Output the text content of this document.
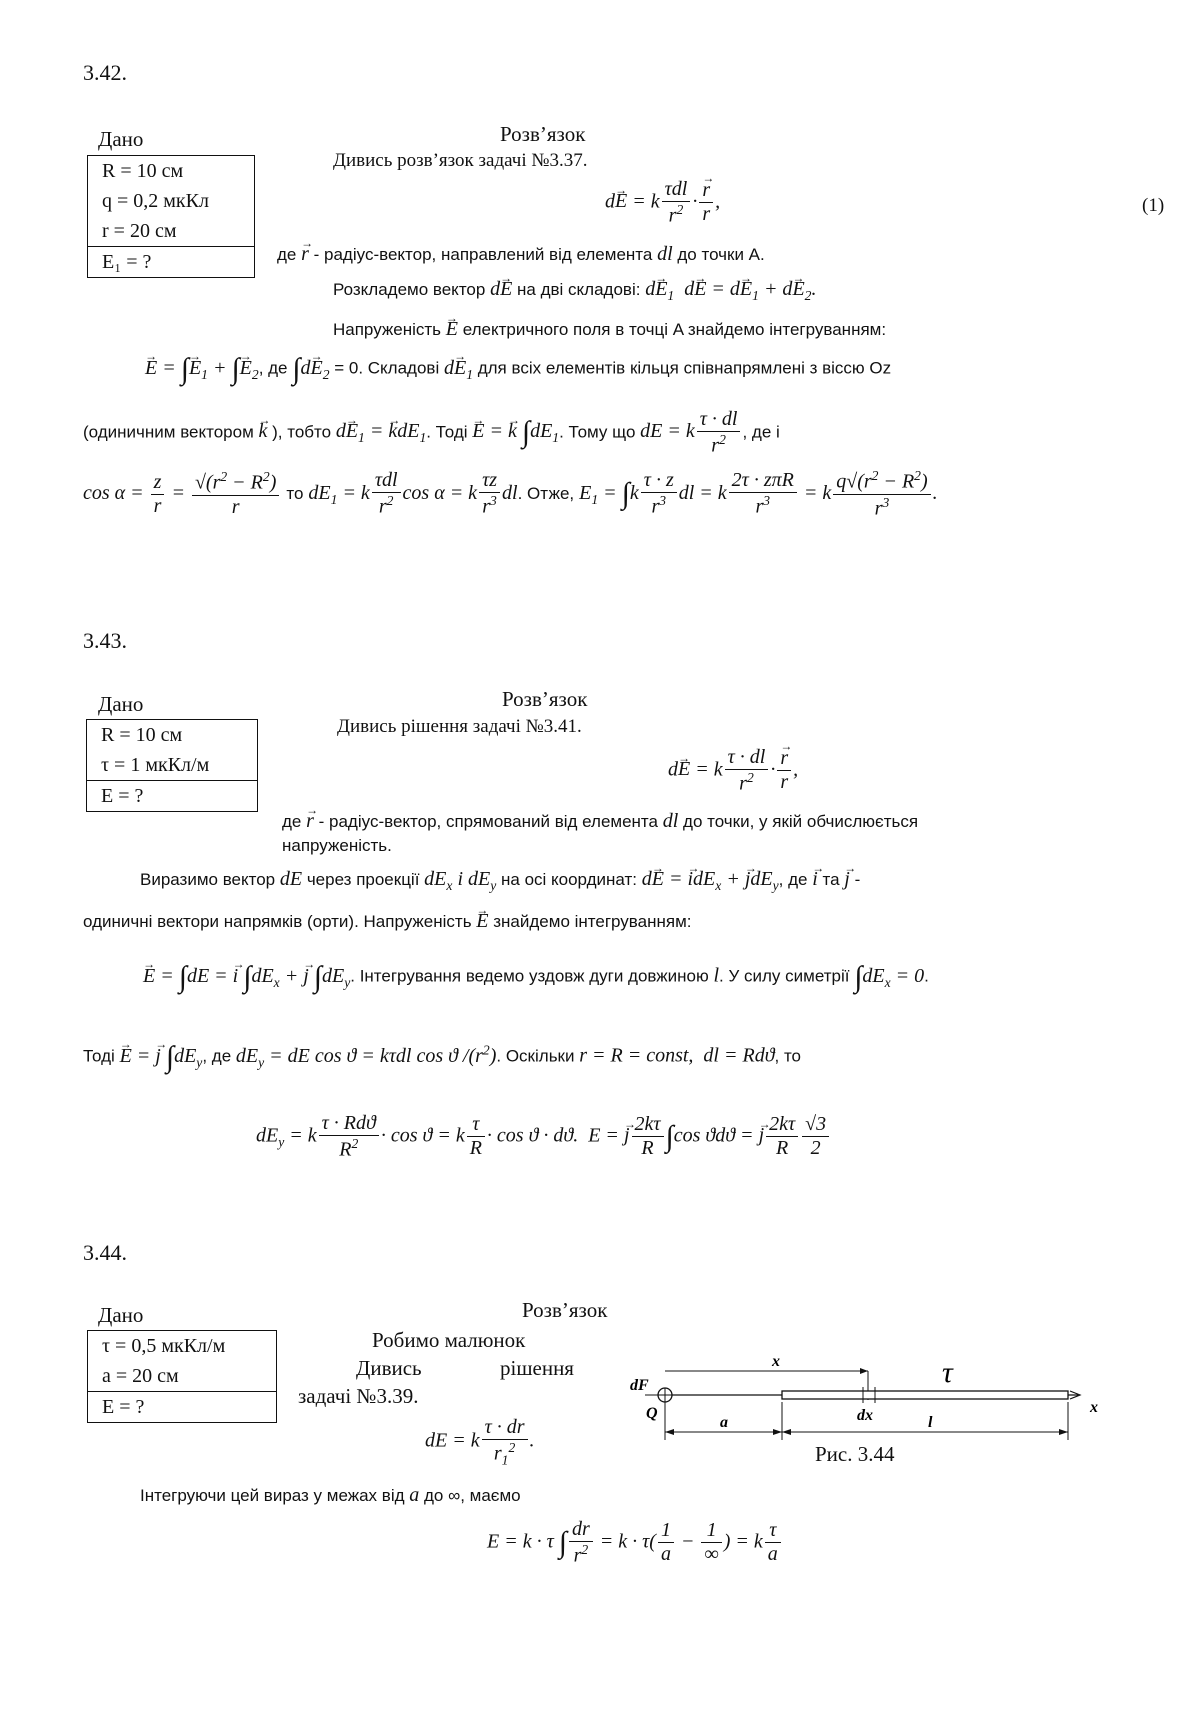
3.42.
Дано
R = 10 см
q = 0,2 мкКл
r = 20 см
E₁ = ?
Розв’язок
Дивись розв’язок задачі №3.37.
d→ E = k $\frac{\text{τdl}}{r^2}$ · → $\frac{r}{r}$ ,	(1)
де → r - радіус-вектор, направлений від елемента dl до точки A.
Розкладемо вектор d→ E на дві складові: $d\to E_1$  $d\to E = d\to E_1 + d\to E_2$.
Напруженість → E електричного поля в точці A знайдемо інтегруванням:
→ E = ∫→ $E_1$ + ∫→ $E_2$, де $\int d\to E_2 = 0$. Складові $d\to E_1$ для всіх елементів кільця співнапрямлені з віссю Oz
(одиничним вектором → k ), тобто $d\to E_1$ = → kdE$_1$. Тоді → E = → k $\int dE_1$. Тому що dE = k $\frac{\tau \cdot dl}{r^2}$ , де і
$\cos \alpha = \frac{z}{r} = \frac{√(r^2 - R^2)}{r}$ то $dE_1 = k \frac{\text{τdl}}{r^2}$ cos α = k $\frac{\tau z}{r^3}$ dl. Отже, $E_1 = \int k \frac{\tau \cdot z}{r^3}$ dl = k $\frac{\text{2τ · zπR}}{r^3} = k \frac{q√(r^2 - R^2)}{r^3}$ .
3.43.
Дано
R = 10 см
τ = 1 мкКл/м
E = ?
Розв’язок
Дивись рішення задачі №3.41.
d→ E = k $\frac{\tau \cdot dl}{r^2}$ · → $\frac{r}{r}$ ,
де → r - радіус-вектор, спрямований від елемента dl до точки, у якій обчислюється
напруженість.
Виразимо вектор dE через проекції $dE_x$ і $dE_y$ на осі координат: d→ E = → idE$_x$ + → jdE$_y$, де → i та → j -
одиничні вектори напрямків (орти). Напруженість → E знайдемо інтегруванням:
→ E = ∫dE = → i $\int dE_x$ + → j $\int dE_y$. Інтегрування ведемо уздовж дуги довжиною l. У силу симетрії $\int dE_x = 0$.
Тоді → E = → j $\int dE_y$, де $dE_y$ = dE cos ϑ = kτdl cos ϑ $/(r^2)$. Оскільки r = R = const,  dl = Rdϑ, то
$dE_y = k \frac{\text{τ · Rdϑ}}{R^2} \cdot \cos ϑ = k \frac{\tau}{R} \cdot \cos ϑ \cdot dϑ$.  E = → j $\frac{2k\tau}{R} \int\cos$ ϑdϑ = → j $\frac{2k\tau}{R} \frac{√3}{2}$
3.44.
Дано
τ = 0,5 мкКл/м
a = 20 см
E = ?
Розв’язок
Робимо малюнок
Дивись	рішення
задачі №3.39.
dE = k $\frac{\tau \cdot dr}{r_1^2}$ .
dF
Q
x	τ
a	dx	l
x
Рис. 3.44
Інтегруючи цей вираз у межах від a до ∞, маємо
E = k · τ ∫ $\frac{dr}{r^2} = k \cdot \tau( \frac{1}{a} - \frac{1}{\infty}$ ) = k $\frac{\tau}{a}$
